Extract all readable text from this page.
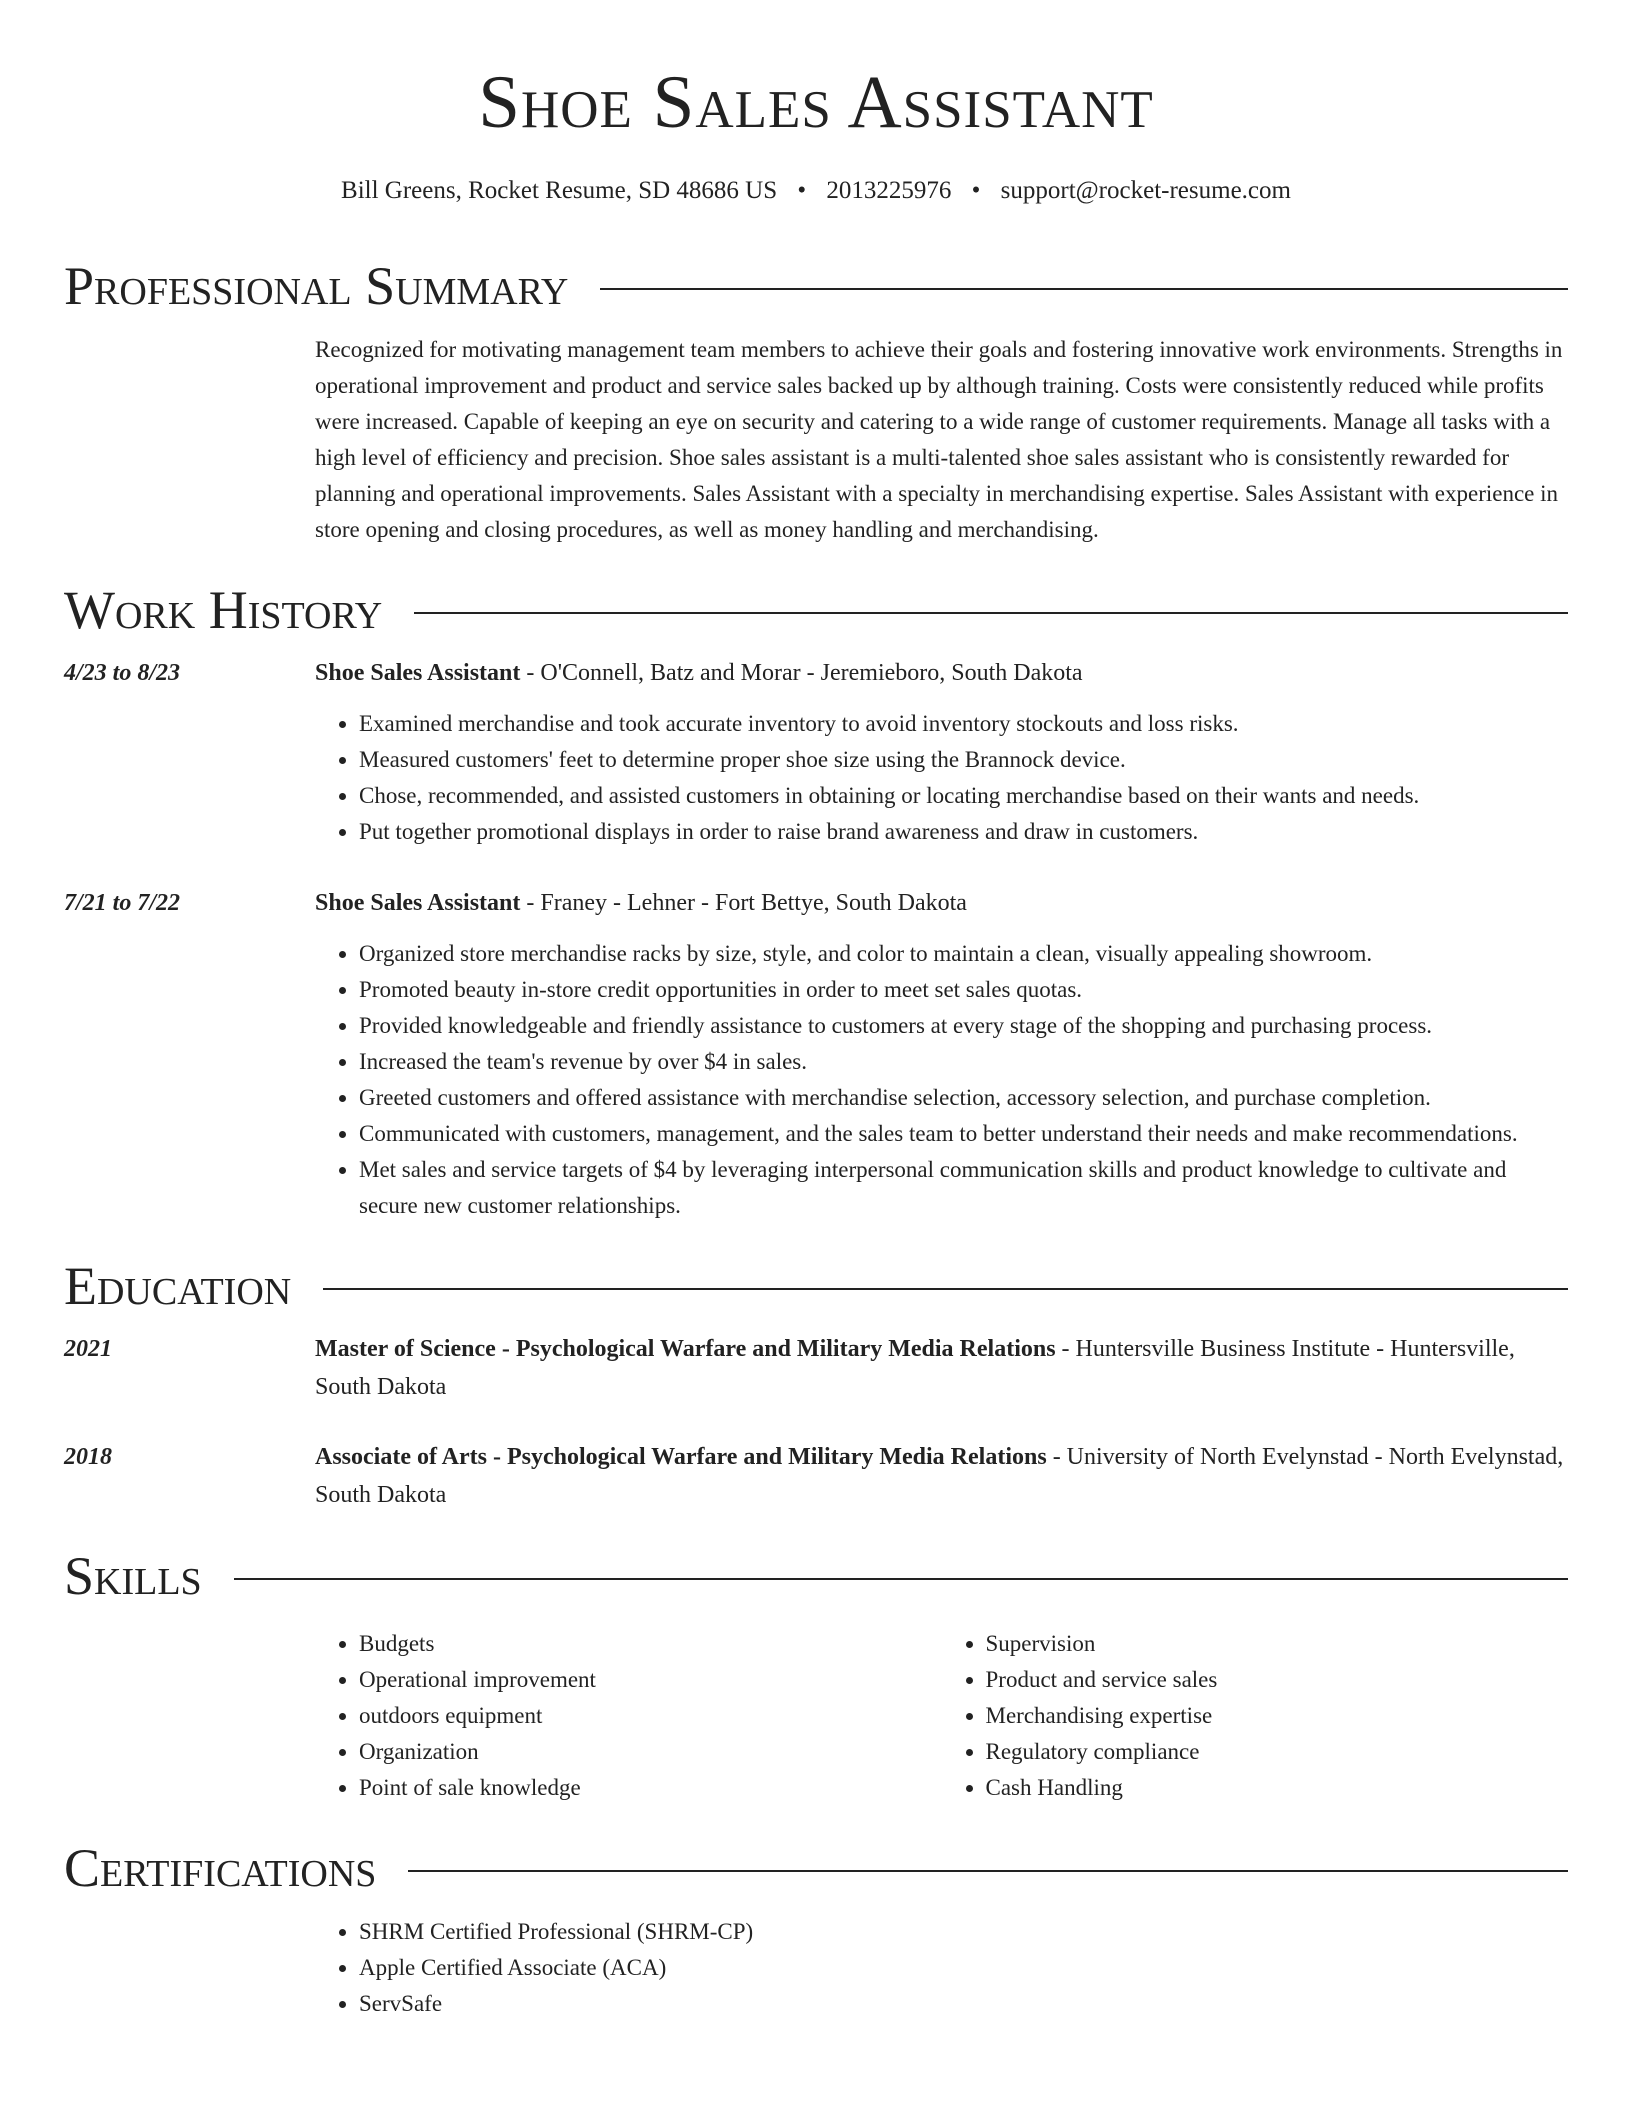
Shoe Sales Assistant
Bill Greens, Rocket Resume, SD 48686 US • 2013225976 • support@rocket-resume.com
Professional Summary
Recognized for motivating management team members to achieve their goals and fostering innovative work environments. Strengths in operational improvement and product and service sales backed up by although training. Costs were consistently reduced while profits were increased. Capable of keeping an eye on security and catering to a wide range of customer requirements. Manage all tasks with a high level of efficiency and precision. Shoe sales assistant is a multi-talented shoe sales assistant who is consistently rewarded for planning and operational improvements. Sales Assistant with a specialty in merchandising expertise. Sales Assistant with experience in store opening and closing procedures, as well as money handling and merchandising.
Work History
4/23 to 8/23	Shoe Sales Assistant - O'Connell, Batz and Morar - Jeremieboro, South Dakota
• Examined merchandise and took accurate inventory to avoid inventory stockouts and loss risks.
• Measured customers' feet to determine proper shoe size using the Brannock device.
• Chose, recommended, and assisted customers in obtaining or locating merchandise based on their wants and needs.
• Put together promotional displays in order to raise brand awareness and draw in customers.
7/21 to 7/22	Shoe Sales Assistant - Franey - Lehner - Fort Bettye, South Dakota
• Organized store merchandise racks by size, style, and color to maintain a clean, visually appealing showroom.
• Promoted beauty in-store credit opportunities in order to meet set sales quotas.
• Provided knowledgeable and friendly assistance to customers at every stage of the shopping and purchasing process.
• Increased the team's revenue by over $4 in sales.
• Greeted customers and offered assistance with merchandise selection, accessory selection, and purchase completion.
• Communicated with customers, management, and the sales team to better understand their needs and make recommendations.
• Met sales and service targets of $4 by leveraging interpersonal communication skills and product knowledge to cultivate and secure new customer relationships.
Education
2021	Master of Science - Psychological Warfare and Military Media Relations - Huntersville Business Institute - Huntersville, South Dakota
2018	Associate of Arts - Psychological Warfare and Military Media Relations - University of North Evelynstad - North Evelynstad, South Dakota
Skills
• Budgets
• Operational improvement
• outdoors equipment
• Organization
• Point of sale knowledge
• Supervision
• Product and service sales
• Merchandising expertise
• Regulatory compliance
• Cash Handling
Certifications
• SHRM Certified Professional (SHRM-CP)
• Apple Certified Associate (ACA)
• ServSafe
